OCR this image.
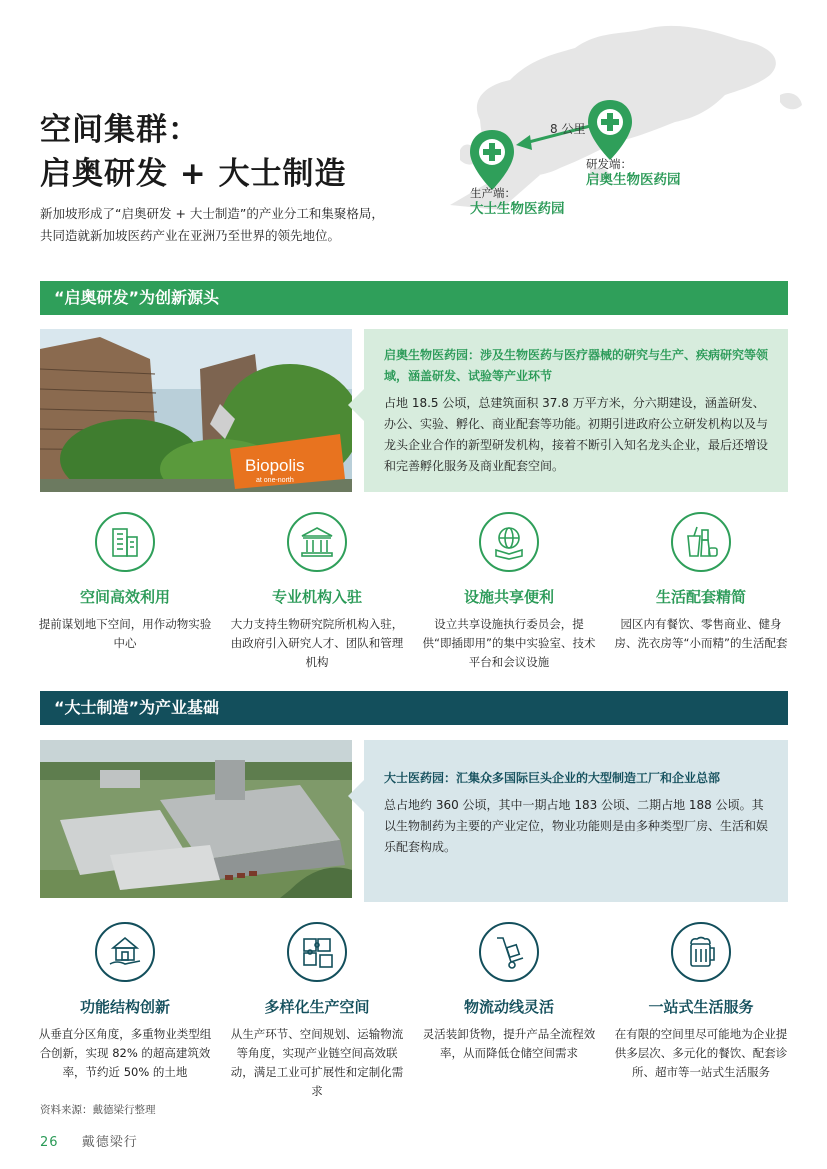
8 公里
研发端：
启奥生物医药园
生产端：
大士生物医药园
空间集群：
启奥研发 + 大士制造
新加坡形成了“启奥研发 + 大士制造”的产业分工和集聚格局，
共同造就新加坡医药产业在亚洲乃至世界的领先地位。
“启奥研发”为创新源头
Biopolis
at one-north
启奥生物医药园：涉及生物医药与医疗器械的研究与生产、疾病研究等领域，涵盖研发、试验等产业环节
占地 18.5 公顷，总建筑面积 37.8 万平方米，分六期建设，涵盖研发、办公、实验、孵化、商业配套等功能。初期引进政府公立研发机构以及与龙头企业合作的新型研发机构，接着不断引入知名龙头企业，最后还增设和完善孵化服务及商业配套空间。
空间高效利用
提前谋划地下空间，用作动物实验中心
专业机构入驻
大力支持生物研究院所机构入驻，由政府引入研究人才、团队和管理机构
设施共享便利
设立共享设施执行委员会，提供“即插即用”的集中实验室、技术平台和会议设施
生活配套精简
园区内有餐饮、零售商业、健身房、洗衣房等“小而精”的生活配套
“大士制造”为产业基础
大士医药园：汇集众多国际巨头企业的大型制造工厂和企业总部
总占地约 360 公顷，其中一期占地 183 公顷、二期占地 188 公顷。其以生物制药为主要的产业定位，物业功能则是由多种类型厂房、生活和娱乐配套构成。
功能结构创新
从垂直分区角度，多重物业类型组合创新，实现 82% 的超高建筑效率，节约近 50% 的土地
多样化生产空间
从生产环节、空间规划、运输物流等角度，实现产业链空间高效联动，满足工业可扩展性和定制化需求
物流动线灵活
灵活装卸货物，提升产品全流程效率，从而降低仓储空间需求
一站式生活服务
在有限的空间里尽可能地为企业提供多层次、多元化的餐饮、配套诊所、超市等一站式生活服务
资料来源：戴德梁行整理
26 戴德梁行
